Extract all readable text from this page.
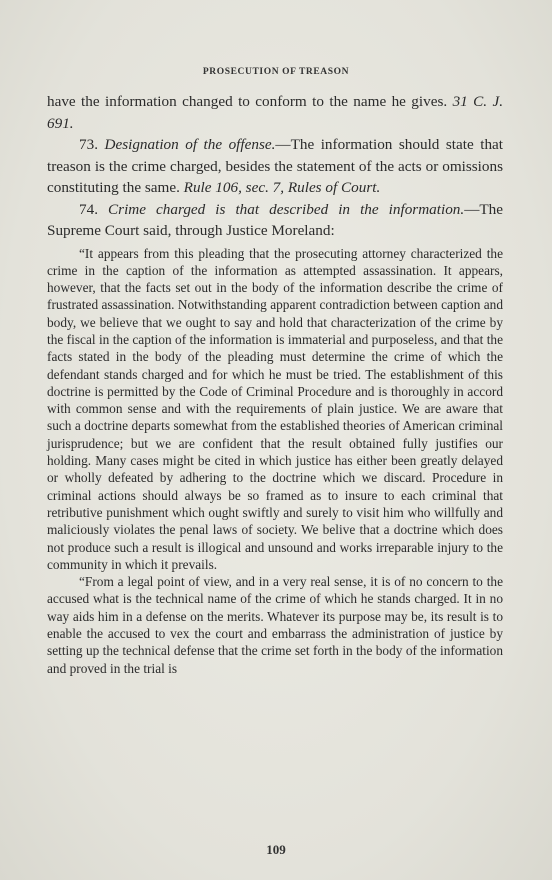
PROSECUTION OF TREASON

have the information changed to conform to the name he gives. 31 C. J. 691.

73. Designation of the offense.—The information should state that treason is the crime charged, besides the statement of the acts or omissions constituting the same. Rule 106, sec. 7, Rules of Court.

74. Crime charged is that described in the information.—The Supreme Court said, through Justice Moreland:

“It appears from this pleading that the prosecuting attorney characterized the crime in the caption of the information as attempted assassination. It appears, however, that the facts set out in the body of the information describe the crime of frustrated assassination. Notwithstanding apparent contradiction between caption and body, we believe that we ought to say and hold that characterization of the crime by the fiscal in the caption of the information is immaterial and purposeless, and that the facts stated in the body of the pleading must determine the crime of which the defendant stands charged and for which he must be tried. The establishment of this doctrine is permitted by the Code of Criminal Procedure and is thoroughly in accord with common sense and with the requirements of plain justice. We are aware that such a doctrine departs somewhat from the established theories of American criminal jurisprudence; but we are confident that the result obtained fully justifies our holding. Many cases might be cited in which justice has either been greatly delayed or wholly defeated by adhering to the doctrine which we discard. Procedure in criminal actions should always be so framed as to insure to each criminal that retributive punishment which ought swiftly and surely to visit him who willfully and maliciously violates the penal laws of society. We belive that a doctrine which does not produce such a result is illogical and unsound and works irreparable injury to the community in which it prevails.

“From a legal point of view, and in a very real sense, it is of no concern to the accused what is the technical name of the crime of which he stands charged. It in no way aids him in a defense on the merits. Whatever its purpose may be, its result is to enable the accused to vex the court and embarrass the administration of justice by setting up the technical defense that the crime set forth in the body of the information and proved in the trial is

109
